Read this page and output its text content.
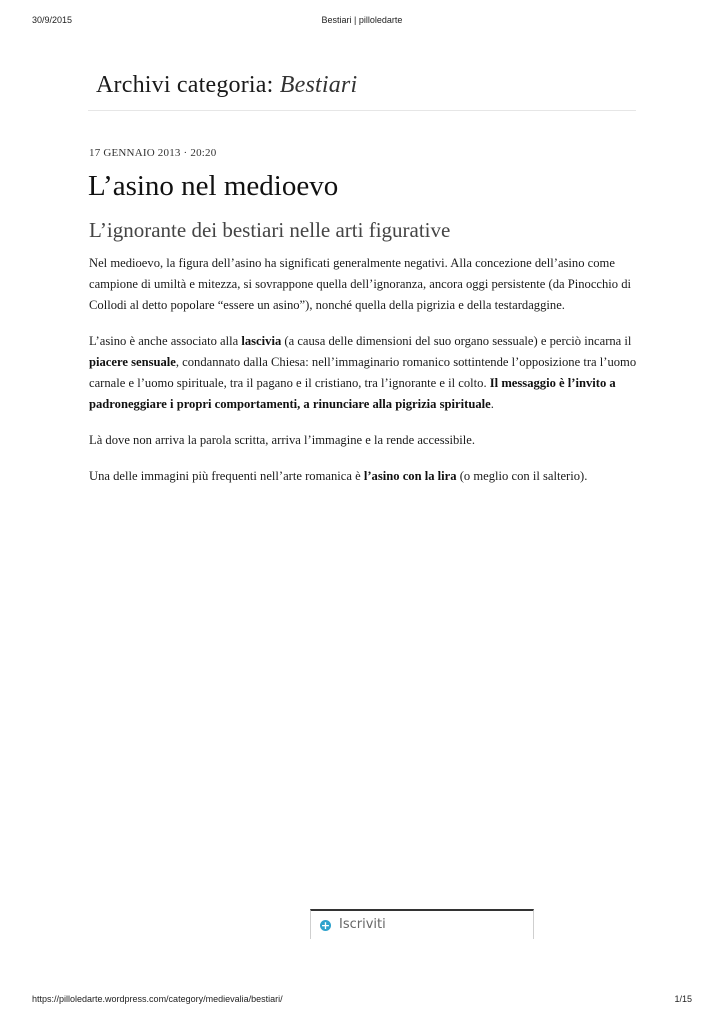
30/9/2015	Bestiari | pilloledarte
Archivi categoria: Bestiari
17 GENNAIO 2013 · 20:20
L’asino nel medioevo
L’ignorante dei bestiari nelle arti figurative

Nel medioevo, la figura dell’asino ha significati generalmente negativi. Alla concezione dell’asino come campione di umiltà e mitezza, si sovrappone quella dell’ignoranza, ancora oggi persistente (da Pinocchio di Collodi al detto popolare “essere un asino”), nonché quella della pigrizia e della testardaggine.

L’asino è anche associato alla lascivia (a causa delle dimensioni del suo organo sessuale) e perciò incarna il piacere sensuale, condannato dalla Chiesa: nell’immaginario romanico sottintende l’opposizione tra l’uomo carnale e l’uomo spirituale, tra il pagano e il cristiano, tra l’ignorante e il colto. Il messaggio è l’invito a padroneggiare i propri comportamenti, a rinunciare alla pigrizia spirituale.

Là dove non arriva la parola scritta, arriva l’immagine e la rende accessibile.

Una delle immagini più frequenti nell’arte romanica è l’asino con la lira (o meglio con il salterio).

+ Iscriviti
https://pilloledarte.wordpress.com/category/medievalia/bestiari/	1/15
